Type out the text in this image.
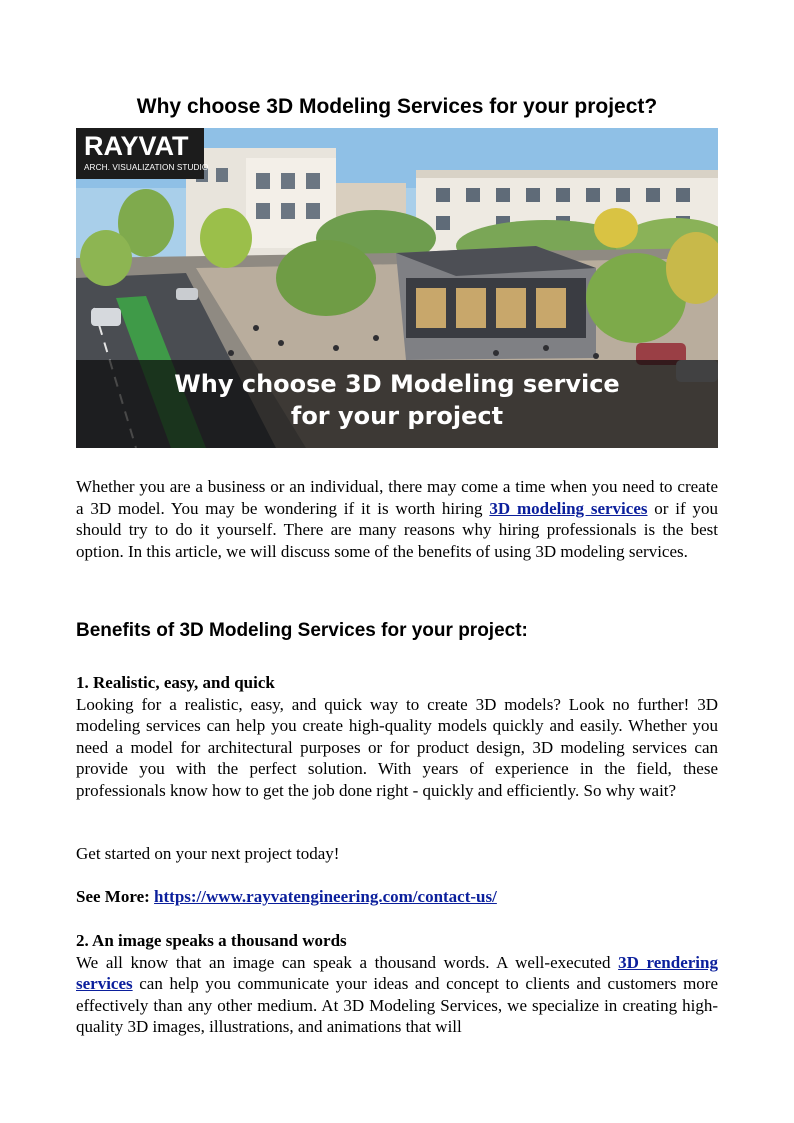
Why choose 3D Modeling Services for your project?
RAYVAT
ARCH. VISUALIZATION STUDIO
Why choose 3D Modeling service
for your project
Whether you are a business or an individual, there may come a time when you need to create a 3D model. You may be wondering if it is worth hiring 3D modeling services or if you should try to do it yourself. There are many reasons why hiring professionals is the best option. In this article, we will discuss some of the benefits of using 3D modeling services.
Benefits of 3D Modeling Services for your project:
1. Realistic, easy, and quick
Looking for a realistic, easy, and quick way to create 3D models? Look no further! 3D modeling services can help you create high-quality models quickly and easily. Whether you need a model for architectural purposes or for product design, 3D modeling services can provide you with the perfect solution. With years of experience in the field, these professionals know how to get the job done right - quickly and efficiently. So why wait?
Get started on your next project today!
See More: https://www.rayvatengineering.com/contact-us/
2. An image speaks a thousand words
We all know that an image can speak a thousand words. A well-executed 3D rendering services can help you communicate your ideas and concept to clients and customers more effectively than any other medium. At 3D Modeling Services, we specialize in creating high-quality 3D images, illustrations, and animations that will
